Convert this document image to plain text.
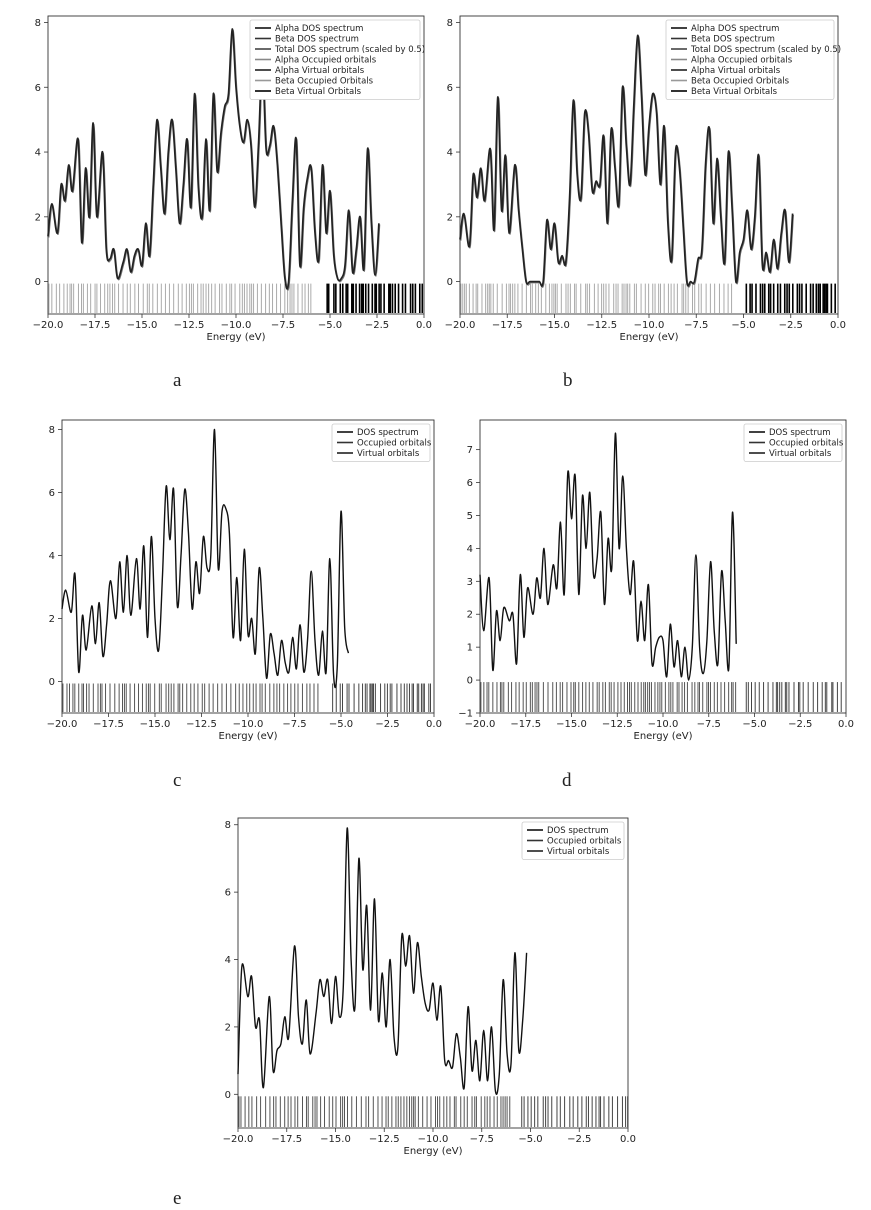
−20.0 −17.5 −15.0 −12.5 −10.0 −7.5 −5.0 −2.5	0.0
0
2
4
6
8
Energy (eV)
Alpha DOS spectrum
Beta DOS spectrum
Total DOS spectrum (scaled by 0.5)
Alpha Occupied orbitals
Alpha Virtual orbitals
Beta Occupied Orbitals
Beta Virtual Orbitals
−20.0 −17.5 −15.0 −12.5 −10.0 −7.5 −5.0 −2.5	0.0
0
2
4
6
8
Energy (eV)
Alpha DOS spectrum
Beta DOS spectrum
Total DOS spectrum (scaled by 0.5)
Alpha Occupied orbitals
Alpha Virtual orbitals
Beta Occupied Orbitals
Beta Virtual Orbitals
−20.0 −17.5 −15.0 −12.5 −10.0 −7.5 −5.0 −2.5	0.0
0
2
4
6
8
Energy (eV)
DOS spectrum
Occupied orbitals
Virtual orbitals
−20.0 −17.5 −15.0 −12.5 −10.0 −7.5 −5.0 −2.5	0.0
−1
0
1
2
3
4
5
6
7
Energy (eV)
DOS spectrum
Occupied orbitals
Virtual orbitals
−20.0 −17.5 −15.0 −12.5 −10.0 −7.5 −5.0 −2.5	0.0
0
2
4
6
8
Energy (eV)
DOS spectrum
Occupied orbitals
Virtual orbitals
a	b
c	d
e
